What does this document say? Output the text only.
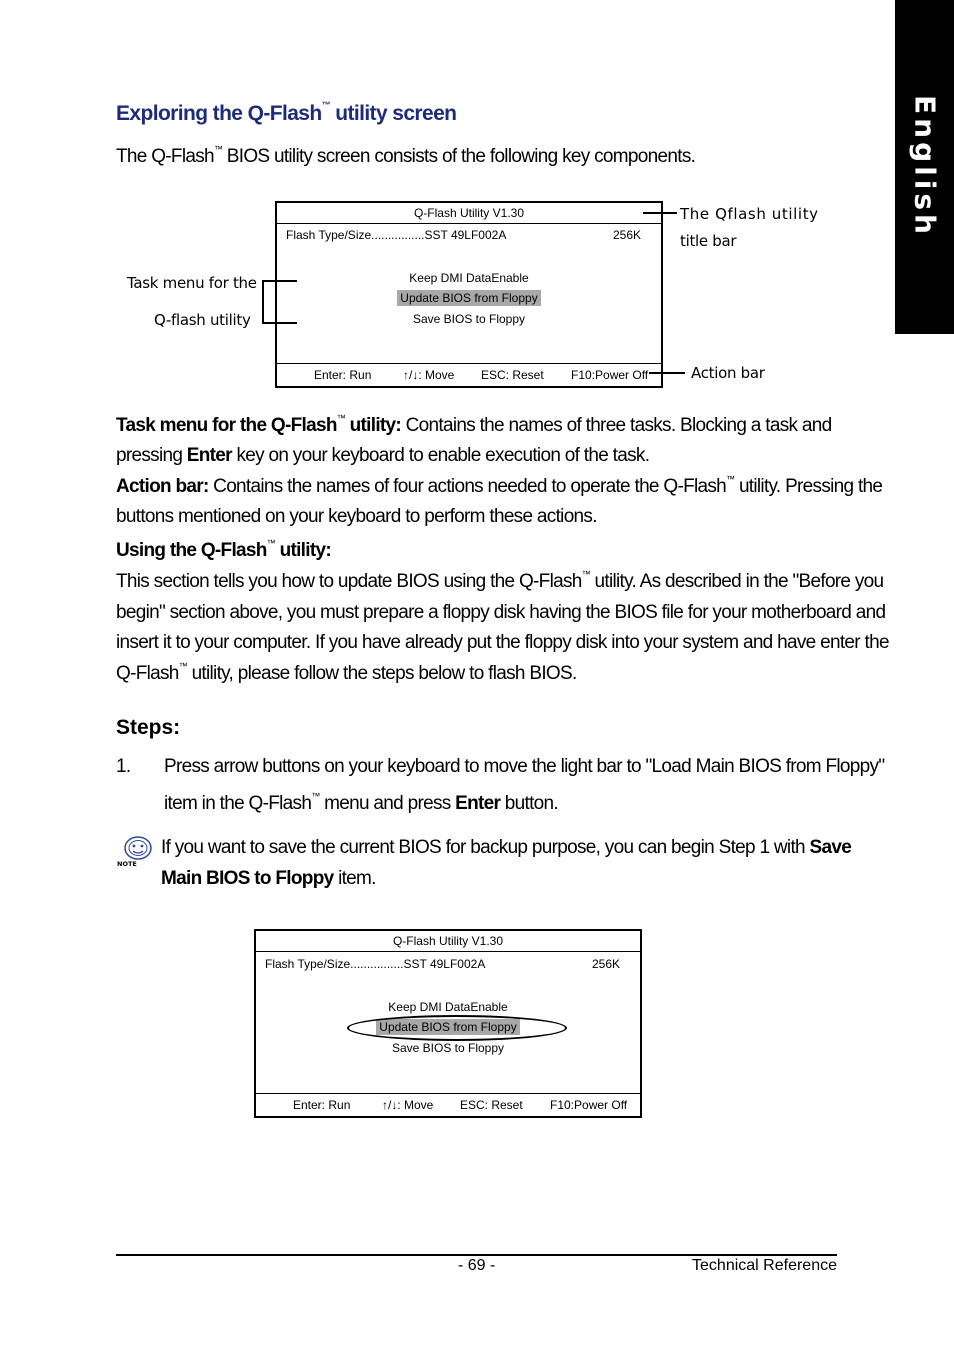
English
Exploring the Q-Flash™ utility screen
The Q-Flash™ BIOS utility screen consists of the following key components.
Q-Flash Utility V1.30
Flash Type/Size................SST 49LF002A	256K
Keep DMI DataEnable
Update BIOS from Floppy
Save BIOS to Floppy
Enter: Run	↑/↓: Move ESC: Reset F10:Power Off
The Qflash utility
title bar
Task menu for the
Q-flash utility
Action bar
Task menu for the Q-Flash™ utility: Contains the names of three tasks. Blocking a task and
pressing Enter key on your keyboard to enable execution of the task.
Action bar: Contains the names of four actions needed to operate the Q-Flash™ utility. Pressing the
buttons mentioned on your keyboard to perform these actions.
Using the Q-Flash™ utility:
This section tells you how to update BIOS using the Q-Flash™ utility. As described in the "Before you
begin" section above, you must prepare a floppy disk having the BIOS file for your motherboard and
insert it to your computer. If you have already put the floppy disk into your system and have enter the
Q-Flash™ utility, please follow the steps below to flash BIOS.
Steps:
1. Press arrow buttons on your keyboard to move the light bar to "Load Main BIOS from Floppy"
item in the Q-Flash™ menu and press Enter button.
NOTE
If you want to save the current BIOS for backup purpose, you can begin Step 1 with Save
Main BIOS to Floppy item.
Q-Flash Utility V1.30
Flash Type/Size................SST 49LF002A	256K
Keep DMI DataEnable
Update BIOS from Floppy
Save BIOS to Floppy
Enter: Run	↑/↓: Move ESC: Reset F10:Power Off
- 69 -	Technical Reference
